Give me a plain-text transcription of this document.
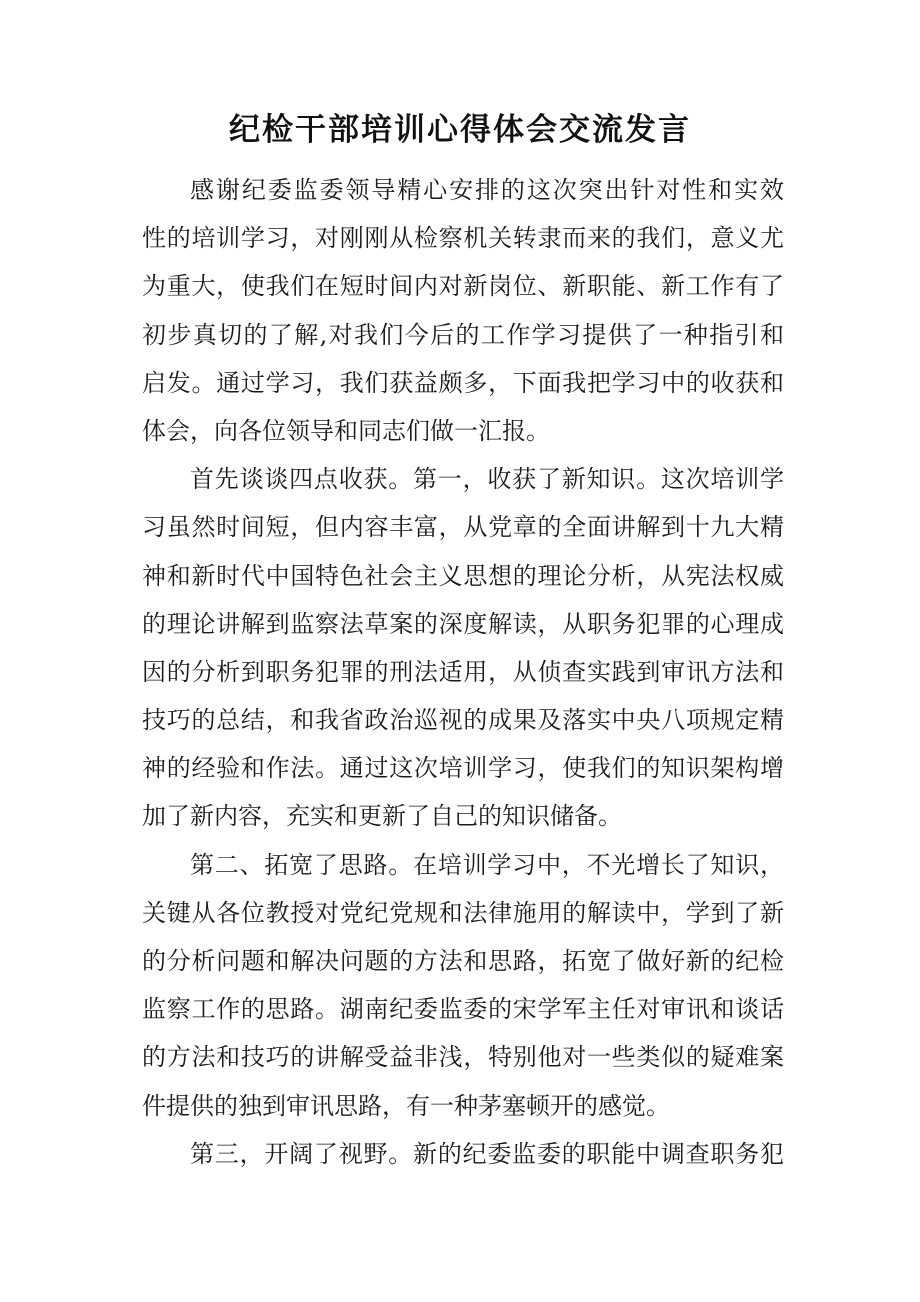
纪检干部培训心得体会交流发言
感谢纪委监委领导精心安排的这次突出针对性和实效
性的培训学习，对刚刚从检察机关转隶而来的我们，意义尤
为重大，使我们在短时间内对新岗位、新职能、新工作有了
初步真切的了解,对我们今后的工作学习提供了一种指引和
启发。通过学习，我们获益颇多，下面我把学习中的收获和
体会，向各位领导和同志们做一汇报。
首先谈谈四点收获。第一，收获了新知识。这次培训学
习虽然时间短，但内容丰富，从党章的全面讲解到十九大精
神和新时代中国特色社会主义思想的理论分析，从宪法权威
的理论讲解到监察法草案的深度解读，从职务犯罪的心理成
因的分析到职务犯罪的刑法适用，从侦查实践到审讯方法和
技巧的总结，和我省政治巡视的成果及落实中央八项规定精
神的经验和作法。通过这次培训学习，使我们的知识架构增
加了新内容，充实和更新了自己的知识储备。
第二、拓宽了思路。在培训学习中，不光增长了知识，
关键从各位教授对党纪党规和法律施用的解读中，学到了新
的分析问题和解决问题的方法和思路，拓宽了做好新的纪检
监察工作的思路。湖南纪委监委的宋学军主任对审讯和谈话
的方法和技巧的讲解受益非浅，特别他对一些类似的疑难案
件提供的独到审讯思路，有一种茅塞顿开的感觉。
第三，开阔了视野。新的纪委监委的职能中调查职务犯
